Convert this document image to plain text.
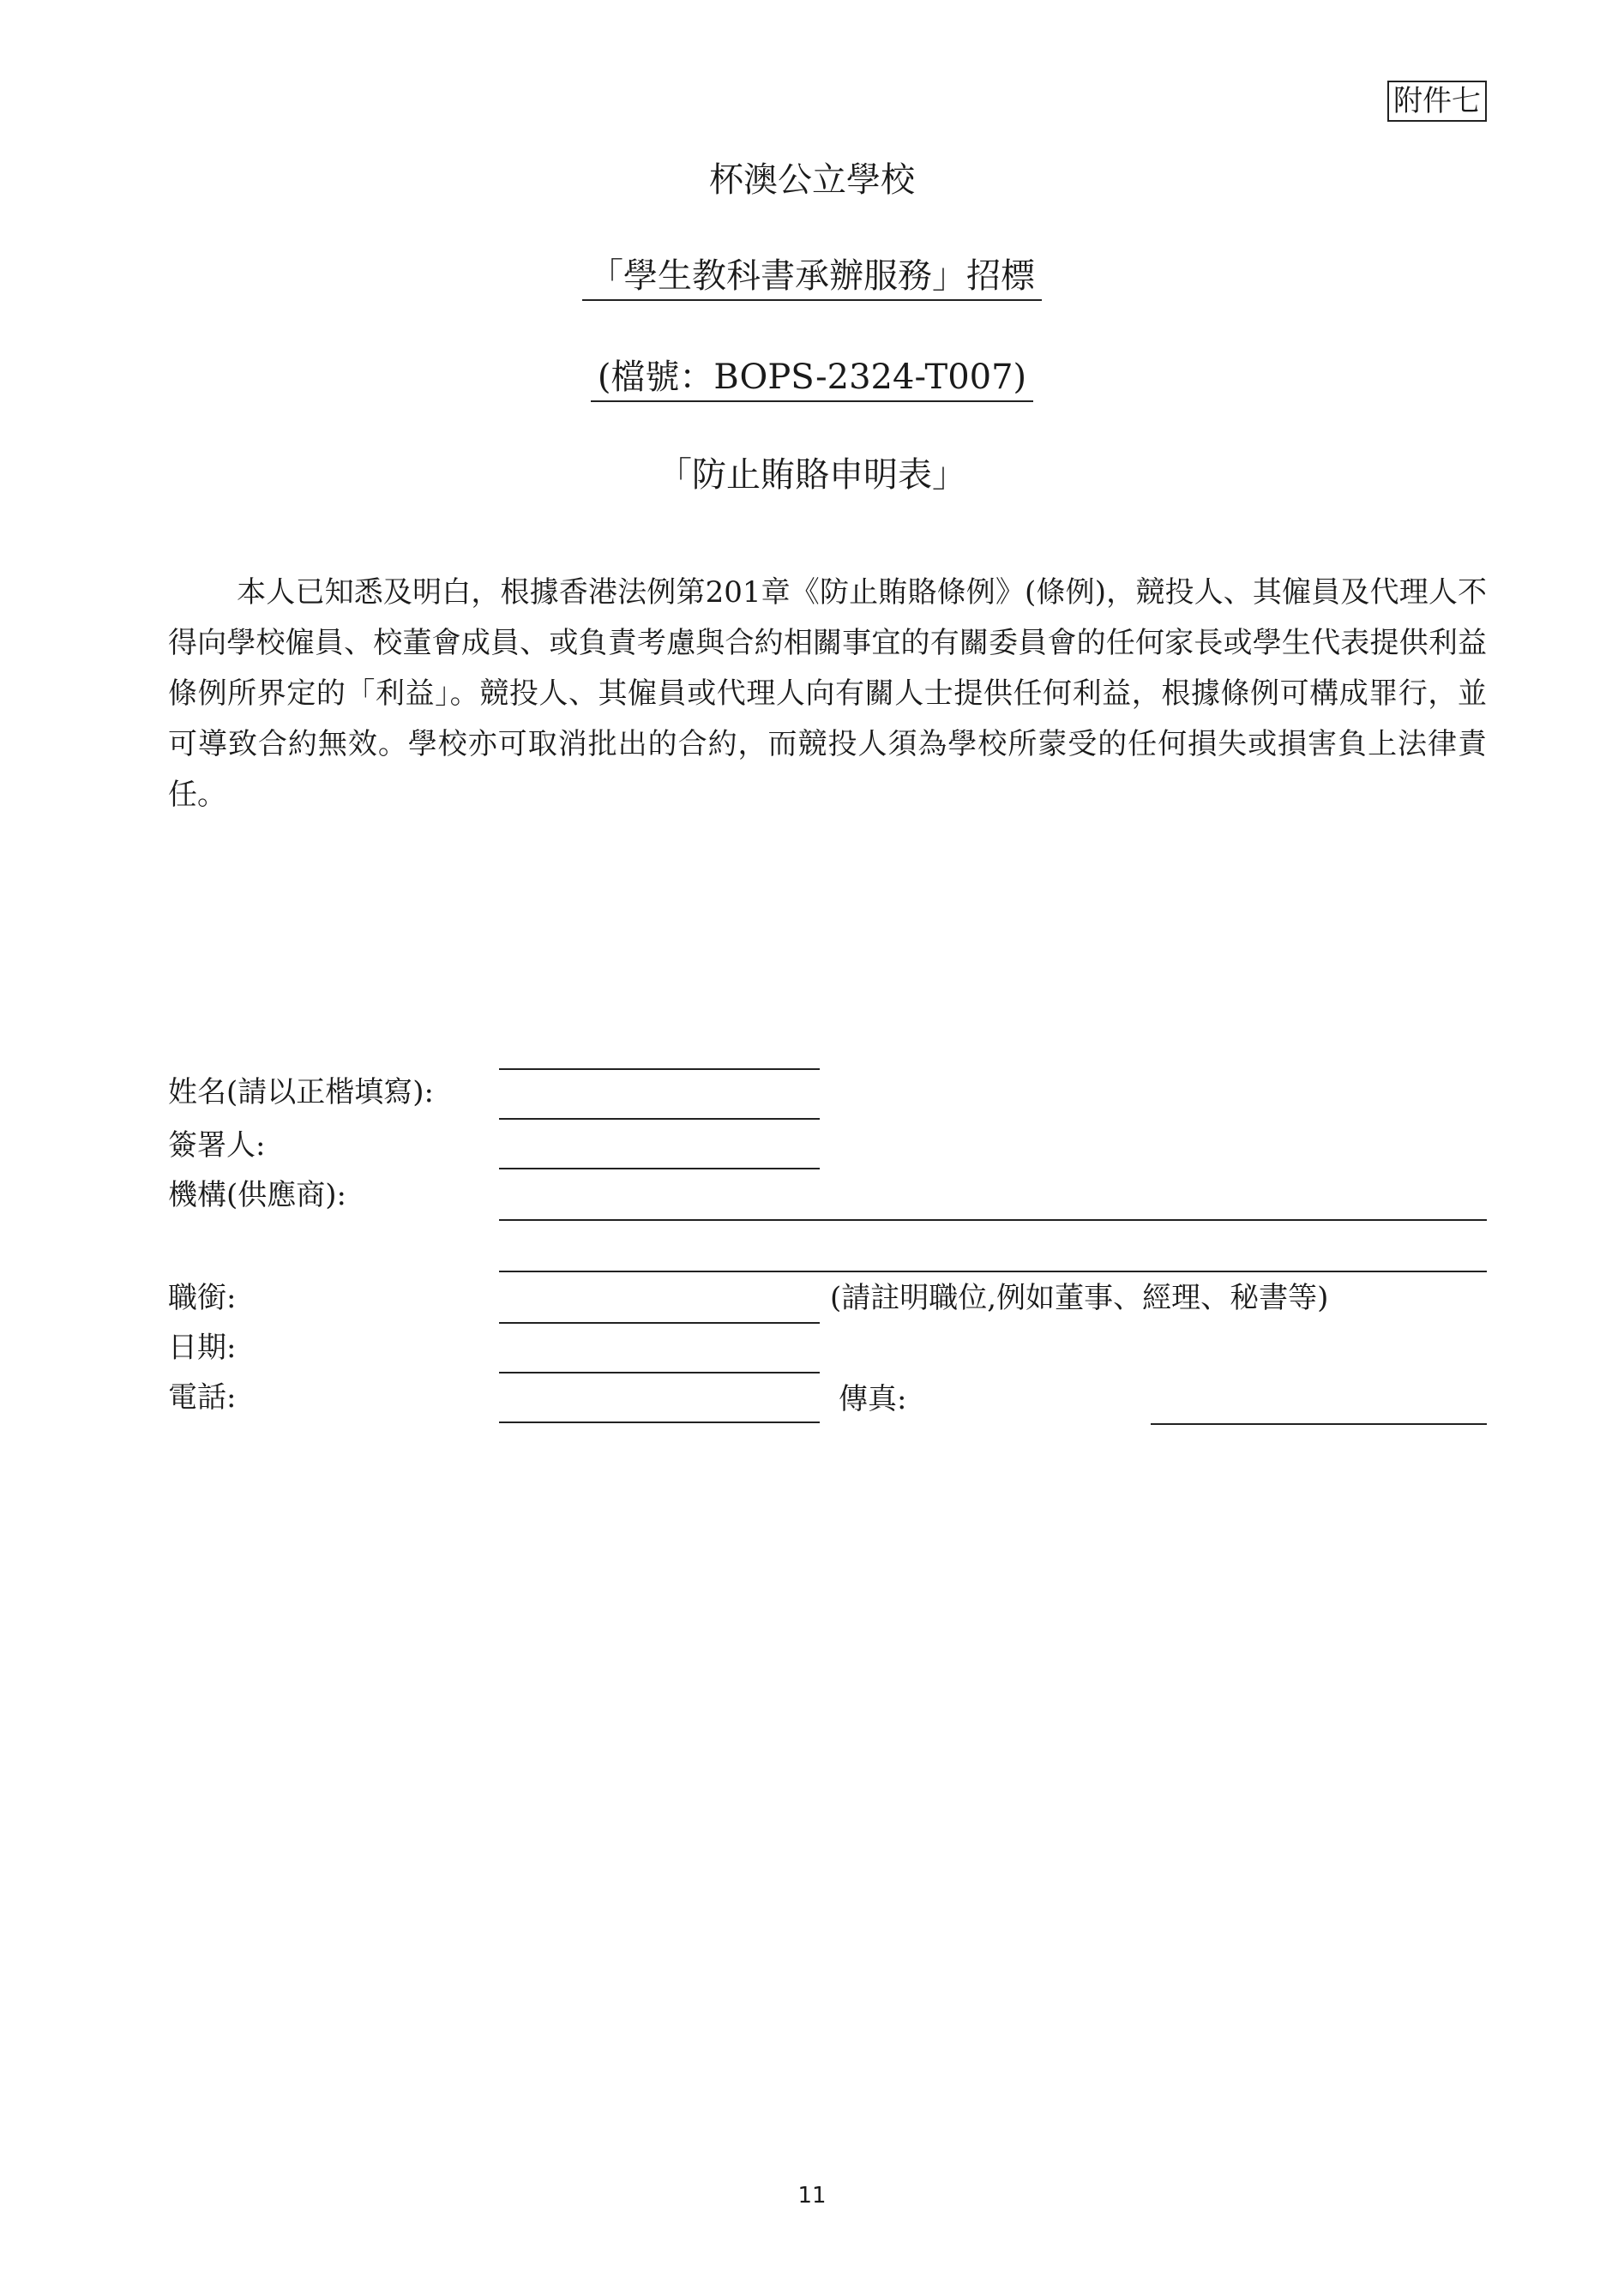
附件七
杯澳公立學校
「學生教科書承辦服務」招標
(檔號：BOPS-2324-T007)
「防止賄賂申明表」
本人已知悉及明白，根據香港法例第201章《防止賄賂條例》(條例)，競投人、其僱員及代理人不得向學校僱員、校董會成員、或負責考慮與合約相關事宜的有關委員會的任何家長或學生代表提供利益條例所界定的「利益」。競投人、其僱員或代理人向有關人士提供任何利益，根據條例可構成罪行，並可導致合約無效。學校亦可取消批出的合約，而競投人須為學校所蒙受的任何損失或損害負上法律責任。
姓名(請以正楷填寫):
簽署人:
機構(供應商):
職銜:	(請註明職位,例如董事、經理、秘書等)
日期:
電話:	傳真:
11
